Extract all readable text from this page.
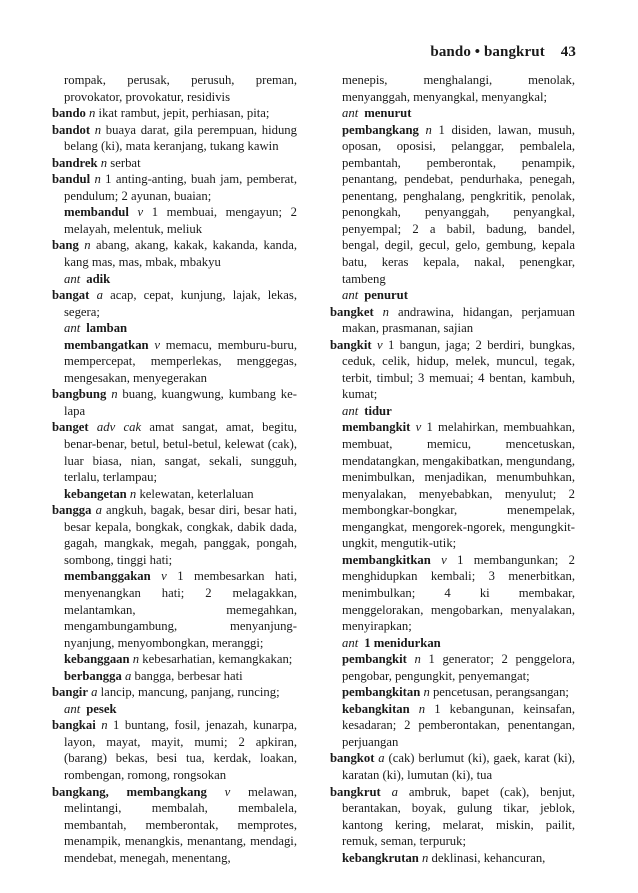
bando • bangkrut 43

rompak, perusak, perusuh, preman, provokator, provokatur, residivis

bando n ikat rambut, jepit, perhiasan, pita;

bandot n buaya darat, gila perempuan, hidung belang (ki), mata keranjang, tukang kawin

bandrek n serbat

bandul n 1 anting-anting, buah jam, pemberat, pendulum; 2 ayunan, buaian;

membandul v 1 membuai, mengayun; 2 melayah, melentuk, meliuk

bang n abang, akang, kakak, kakanda, kanda, kang mas, mas, mbak, mbakyu

ant adik

bangat a acap, cepat, kunjung, lajak, lekas, segera;

ant lamban

membangatkan v memacu, memburu-buru, mempercepat, memperlekas, menggegas, mengesakan, menyegerakan

bangbung n buang, kuangwung, kumbang ke-lapa

banget adv cak amat sangat, amat, begitu, benar-benar, betul, betul-betul, kelewat (cak), luar biasa, nian, sangat, sekali, sungguh, terlalu, terlampau;

kebangetan n kelewatan, keterlaluan

bangga a angkuh, bagak, besar diri, besar hati, besar kepala, bongkak, congkak, dabik dada, gagah, mangkak, megah, panggak, pongah, sombong, tinggi hati;

membanggakan v 1 membesarkan hati, menyenangkan hati; 2 melagakkan, melantamkan, memegahkan, mengambungambung, menyanjung-nyanjung, menyombongkan, meranggi;

kebanggaan n kebesarhatian, kemangkakan;

berbangga a bangga, berbesar hati

bangir a lancip, mancung, panjang, runcing;

ant pesek

bangkai n 1 buntang, fosil, jenazah, kunarpa, layon, mayat, mayit, mumi; 2 apkiran, (barang) bekas, besi tua, kerdak, loakan, rombengan, romong, rongsokan

bangkang, membangkang v melawan, melintangi, membalah, membalela, membantah, memberontak, memprotes, menampik, menangkis, menantang, mendagi, mendebat, menegah, menentang,

menepis, menghalangi, menolak, menyanggah, menyangkal, menyangkal;

ant menurut

pembangkang n 1 disiden, lawan, musuh, oposan, oposisi, pelanggar, pembalela, pembantah, pemberontak, penampik, penantang, pendebat, pendurhaka, penegah, penentang, penghalang, pengkritik, penolak, penongkah, penyanggah, penyangkal, penyempal; 2 a babil, badung, bandel, bengal, degil, gecul, gelo, gembung, kepala batu, keras kepala, nakal, penengkar, tambeng

ant penurut

bangket n andrawina, hidangan, perjamuan makan, prasmanan, sajian

bangkit v 1 bangun, jaga; 2 berdiri, bungkas, ceduk, celik, hidup, melek, muncul, tegak, terbit, timbul; 3 memuai; 4 bentan, kambuh, kumat;

ant tidur

membangkit v 1 melahirkan, membuahkan, membuat, memicu, mencetuskan, mendatangkan, mengakibatkan, mengundang, menimbulkan, menjadikan, menumbuhkan, menyalakan, menyebabkan, menyulut; 2 membongkar-bongkar, menempelak, mengangkat, mengorek-ngorek, mengungkit-ungkit, mengutik-utik;

membangkitkan v 1 membangunkan; 2 menghidupkan kembali; 3 menerbitkan, menimbulkan; 4 ki membakar, menggelorakan, mengobarkan, menyalakan, menyirapkan;

ant 1 menidurkan

pembangkit n 1 generator; 2 penggelora, pengobar, pengungkit, penyemangat;

pembangkitan n pencetusan, perangsangan;

kebangkitan n 1 kebangunan, keinsafan, kesadaran; 2 pemberontakan, penentangan, perjuangan

bangkot a (cak) berlumut (ki), gaek, karat (ki), karatan (ki), lumutan (ki), tua

bangkrut a ambruk, bapet (cak), benjut, berantakan, boyak, gulung tikar, jeblok, kantong kering, melarat, miskin, pailit, remuk, seman, terpuruk;

kebangkrutan n deklinasi, kehancuran,
